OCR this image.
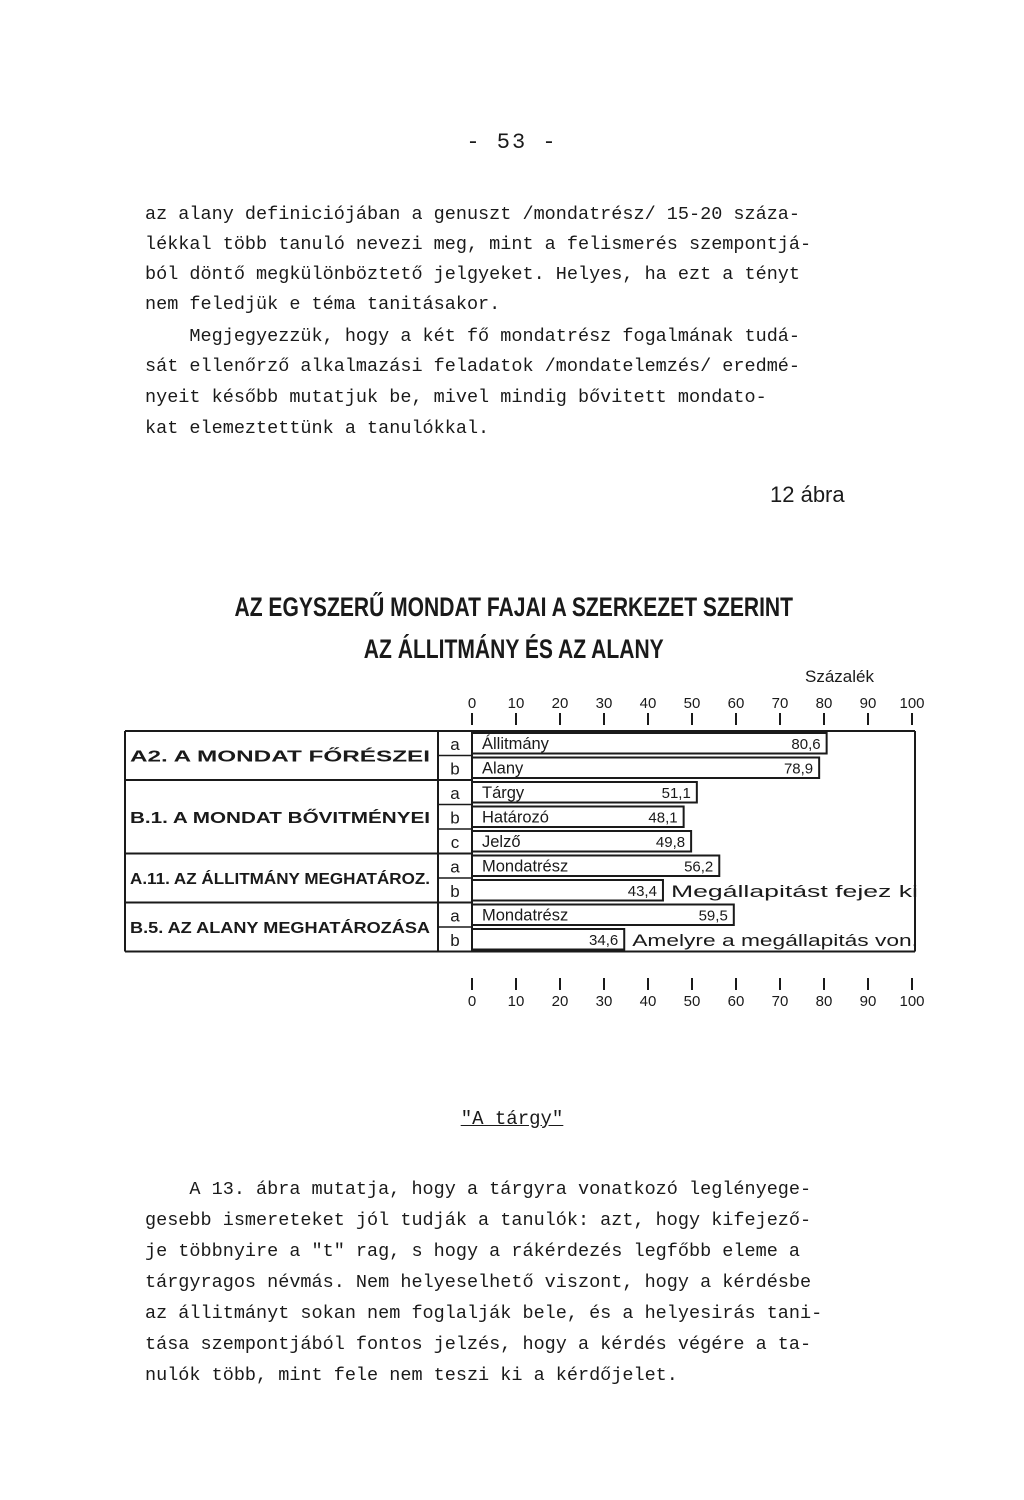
- 53 -
az alany definiciójában a genuszt /mondatrész/ 15-20 száza-
lékkal több tanuló nevezi meg, mint a felismerés szempontjá-
ból döntő megkülönböztető jelgyeket. Helyes, ha ezt a tényt
nem feledjük e téma tanitásakor.
Megjegyezzük, hogy a két fő mondatrész fogalmának tudá-
sát ellenőrző alkalmazási feladatok /mondatelemzés/ eredmé-
nyeit később mutatjuk be, mivel mindig bővitett mondato-
kat elemeztettünk a tanulókkal.
12 ábra
AZ EGYSZERŰ MONDAT FAJAI A SZERKEZET SZERINT
AZ ÁLLITMÁNY ÉS AZ ALANY
Százalék
0
0
10
10
20
20
30
30
40
40
50
50
60
60
70
70
80
80
90
90
100
100
A2. A MONDAT FŐRÉSZEI
a Állitmány	80,6
b Alany	78,9
B.1. A MONDAT BŐVITMÉNYEI
a Tárgy	51,1
b Határozó	48,1
c Jelző	49,8
A.11. AZ ÁLLITMÁNY MEGHATÁROZ.
a Mondatrész	56,2
b	43,4 Megállapitást fejez ki
B.5. AZ ALANY MEGHATÁROZÁSA
a Mondatrész	59,5
b	34,6 Amelyre a megállapitás von.
"A tárgy"
A 13. ábra mutatja, hogy a tárgyra vonatkozó leglényege-
gesebb ismereteket jól tudják a tanulók: azt, hogy kifejező-
je többnyire a "t" rag, s hogy a rákérdezés legfőbb eleme a
tárgyragos névmás. Nem helyeselhető viszont, hogy a kérdésbe
az állitmányt sokan nem foglalják bele, és a helyesirás tani-
tása szempontjából fontos jelzés, hogy a kérdés végére a ta-
nulók több, mint fele nem teszi ki a kérdőjelet.
